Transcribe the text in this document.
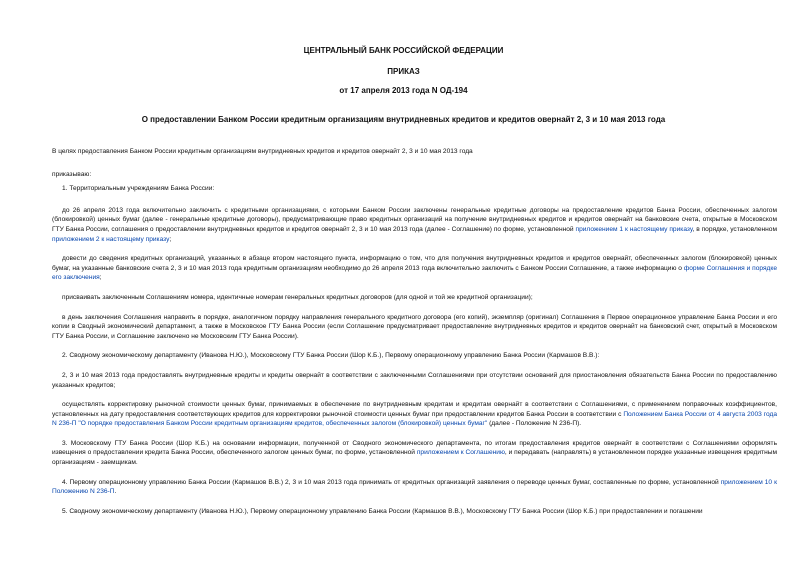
ЦЕНТРАЛЬНЫЙ БАНК РОССИЙСКОЙ ФЕДЕРАЦИИ
ПРИКАЗ
от 17 апреля 2013 года N ОД-194
О предоставлении Банком России кредитным организациям внутридневных кредитов и кредитов овернайт 2, 3 и 10 мая 2013 года

В целях предоставления Банком России кредитным организациям внутридневных кредитов и кредитов овернайт 2, 3 и 10 мая 2013 года

приказываю:

1. Территориальным учреждениям Банка России:

до 26 апреля 2013 года включительно заключить с кредитными организациями, с которыми Банком России заключены генеральные кредитные договоры на предоставление кредитов Банка России, обеспеченных залогом (блокировкой) ценных бумаг (далее - генеральные кредитные договоры), предусматривающие право кредитных организаций на получение внутридневных кредитов и кредитов овернайт на банковские счета, открытые в Московском ГТУ Банка России, соглашения о предоставлении внутридневных кредитов и кредитов овернайт 2, 3 и 10 мая 2013 года (далее - Соглашение) по форме, установленной приложением 1 к настоящему приказу, в порядке, установленном приложением 2 к настоящему приказу;

довести до сведения кредитных организаций, указанных в абзаце втором настоящего пункта, информацию о том, что для получения внутридневных кредитов и кредитов овернайт, обеспеченных залогом (блокировкой) ценных бумаг, на указанные банковские счета 2, 3 и 10 мая 2013 года кредитным организациям необходимо до 26 апреля 2013 года включительно заключить с Банком России Соглашение, а также информацию о форме Соглашения и порядке его заключения;

присваивать заключенным Соглашениям номера, идентичные номерам генеральных кредитных договоров (для одной и той же кредитной организации);

в день заключения Соглашения направить в порядке, аналогичном порядку направления генерального кредитного договора (его копий), экземпляр (оригинал) Соглашения в Первое операционное управление Банка России и его копии в Сводный экономический департамент, а также в Московское ГТУ Банка России (если Соглашение предусматривает предоставление внутридневных кредитов и кредитов овернайт на банковский счет, открытый в Московском ГТУ Банка России, и Соглашение заключено не Московским ГТУ Банка России).

2. Сводному экономическому департаменту (Иванова Н.Ю.), Московскому ГТУ Банка России (Шор К.Б.), Первому операционному управлению Банка России (Кармашов В.В.):

2, 3 и 10 мая 2013 года предоставлять внутридневные кредиты и кредиты овернайт в соответствии с заключенными Соглашениями при отсутствии оснований для приостановления обязательств Банка России по предоставлению указанных кредитов;

осуществлять корректировку рыночной стоимости ценных бумаг, принимаемых в обеспечение по внутридневным кредитам и кредитам овернайт в соответствии с Соглашениями, с применением поправочных коэффициентов, установленных на дату предоставления соответствующих кредитов для корректировки рыночной стоимости ценных бумаг при предоставлении кредитов Банка России в соответствии с Положением Банка России от 4 августа 2003 года N 236-П "О порядке предоставления Банком России кредитным организациям кредитов, обеспеченных залогом (блокировкой) ценных бумаг" (далее - Положение N 236-П).

3. Московскому ГТУ Банка России (Шор К.Б.) на основании информации, полученной от Сводного экономического департамента, по итогам предоставления кредитов овернайт в соответствии с Соглашениями оформлять извещения о предоставлении кредита Банка России, обеспеченного залогом ценных бумаг, по форме, установленной приложением к Соглашению, и передавать (направлять) в установленном порядке указанные извещения кредитным организациям - заемщикам.

4. Первому операционному управлению Банка России (Кармашов В.В.) 2, 3 и 10 мая 2013 года принимать от кредитных организаций заявления о переводе ценных бумаг, составленные по форме, установленной приложением 10 к Положению N 236-П.

5. Сводному экономическому департаменту (Иванова Н.Ю.), Первому операционному управлению Банка России (Кармашов В.В.), Московскому ГТУ Банка России (Шор К.Б.) при предоставлении и погашении
